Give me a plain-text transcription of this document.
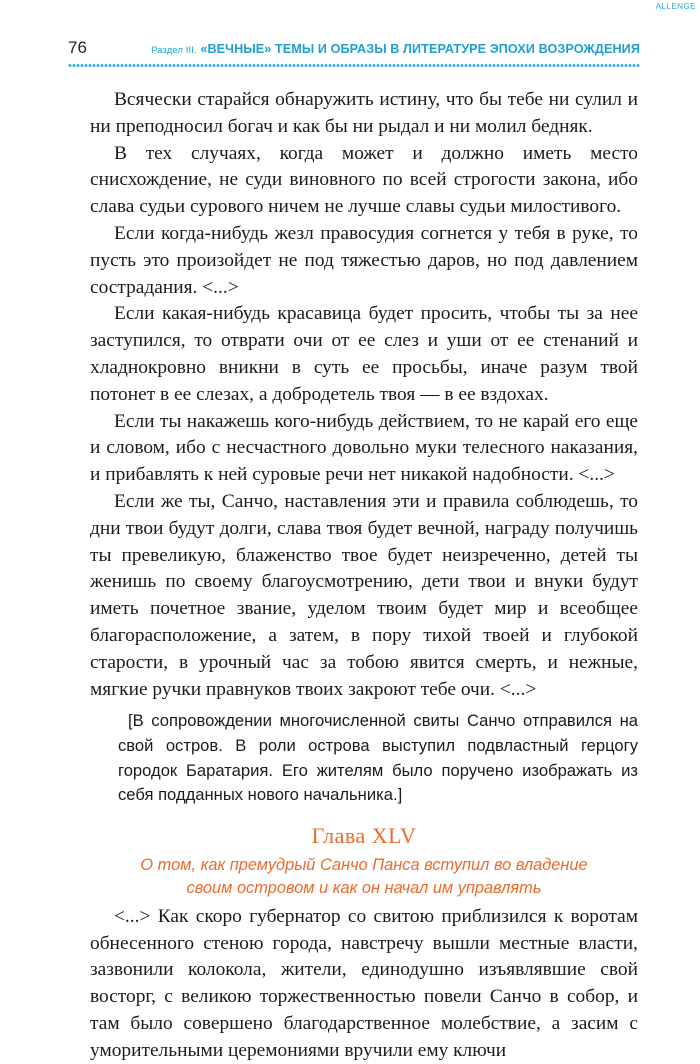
ALLENGE
76	Раздел III. «ВЕЧНЫЕ» ТЕМЫ И ОБРАЗЫ В ЛИТЕРАТУРЕ ЭПОХИ ВОЗРОЖДЕНИЯ

Всячески старайся обнаружить истину, что бы тебе ни сулил и ни преподносил богач и как бы ни рыдал и ни молил бедняк.

В тех случаях, когда может и должно иметь место снисхождение, не суди виновного по всей строгости закона, ибо слава судьи сурового ничем не лучше славы судьи милостивого.

Если когда-нибудь жезл правосудия согнется у тебя в руке, то пусть это произойдет не под тяжестью даров, но под давлением сострадания. <...>

Если какая-нибудь красавица будет просить, чтобы ты за нее заступился, то отврати очи от ее слез и уши от ее стенаний и хладнокровно вникни в суть ее просьбы, иначе разум твой потонет в ее слезах, а добродетель твоя — в ее вздохах.

Если ты накажешь кого-нибудь действием, то не карай его еще и словом, ибо с несчастного довольно муки телесного наказания, и прибавлять к ней суровые речи нет никакой надобности. <...>

Если же ты, Санчо, наставления эти и правила соблюдешь, то дни твои будут долги, слава твоя будет вечной, награду получишь ты превеликую, блаженство твое будет неизреченно, детей ты женишь по своему благоусмотрению, дети твои и внуки будут иметь почетное звание, уделом твоим будет мир и всеобщее благорасположение, а затем, в пору тихой твоей и глубокой старости, в урочный час за тобою явится смерть, и нежные, мягкие ручки правнуков твоих закроют тебе очи. <...>

[В сопровождении многочисленной свиты Санчо отправился на свой остров. В роли острова выступил подвластный герцогу городок Баратария. Его жителям было поручено изображать из себя подданных нового начальника.]
Глава XLV
О том, как премудрый Санчо Панса вступил во владение
своим островом и как он начал им управлять

<...> Как скоро губернатор со свитою приблизился к воротам обнесенного стеною города, навстречу вышли местные власти, зазвонили колокола, жители, единодушно изъявлявшие свой восторг, с великою торжественностью повели Санчо в собор, и там было совершено благодарственное молебствие, а засим с уморительными церемониями вручили ему ключи
